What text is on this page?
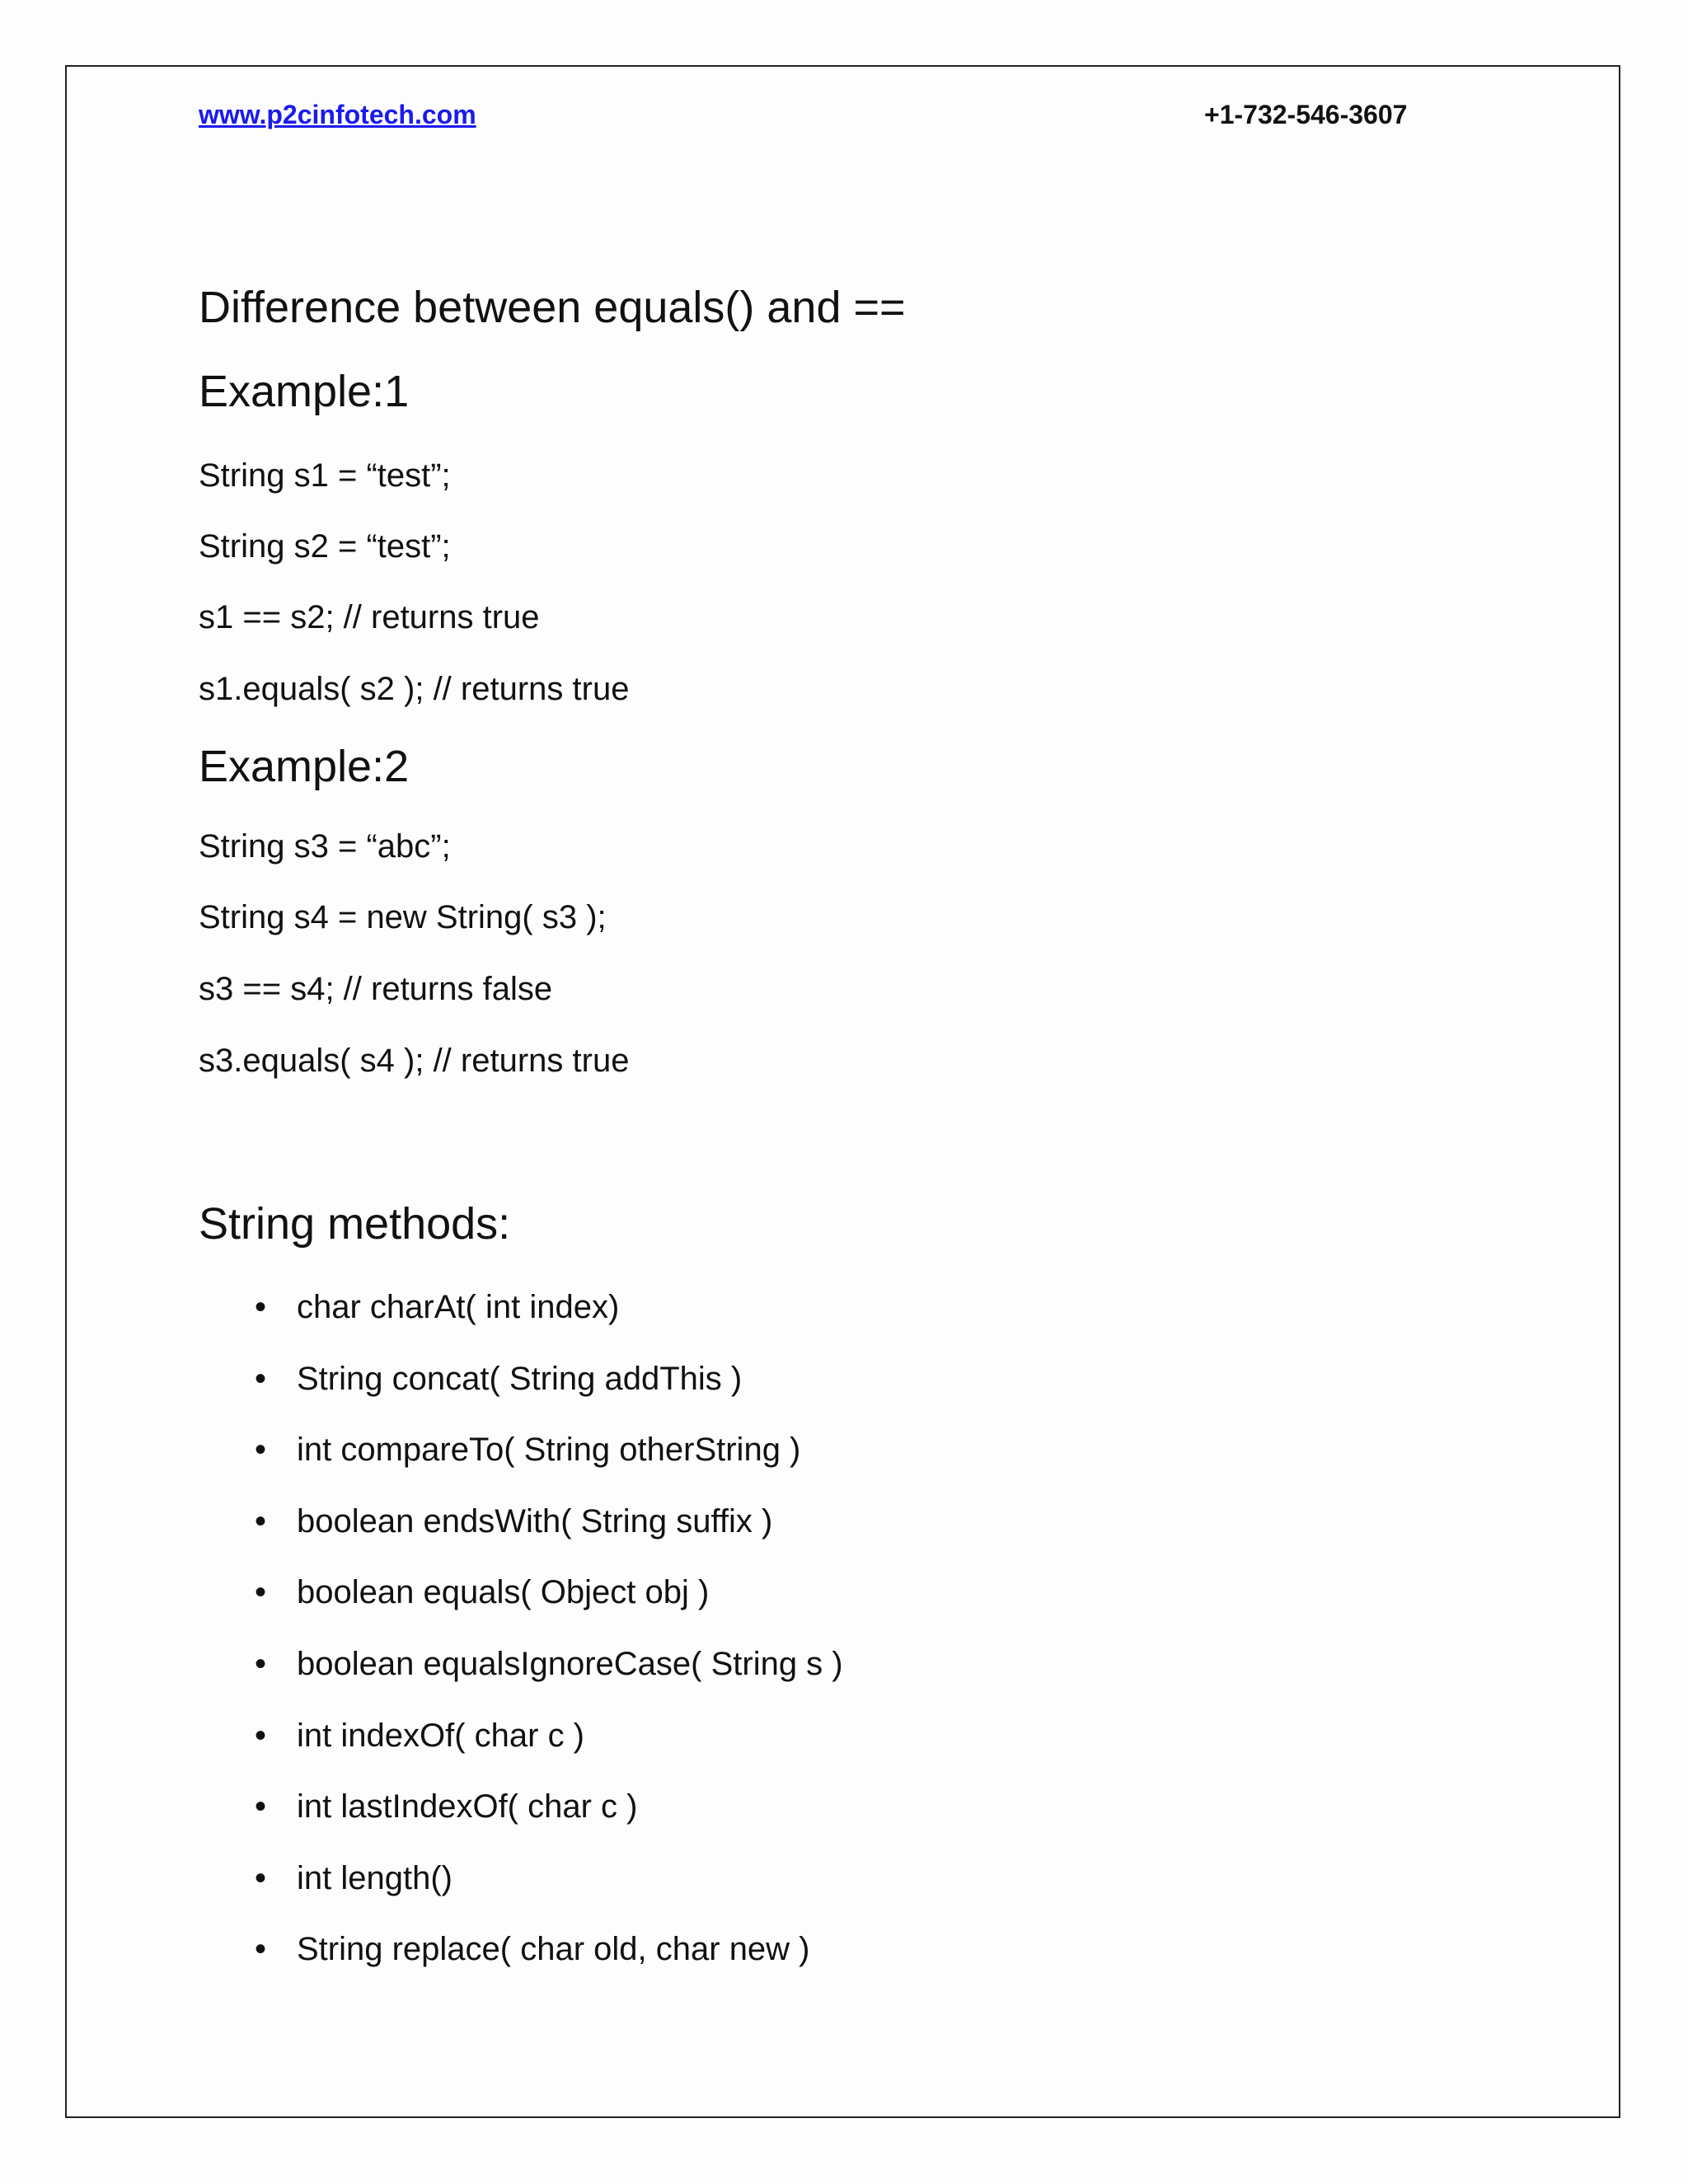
www.p2cinfotech.com	+1-732-546-3607
Difference between equals() and ==
Example:1
String s1 = “test”;
String s2 = “test”;
s1 == s2; // returns true
s1.equals( s2 ); // returns true
Example:2
String s3 = “abc”;
String s4 = new String( s3 );
s3 == s4; // returns false
s3.equals( s4 ); // returns true
String methods:
• char charAt( int index)
• String concat( String addThis )
• int compareTo( String otherString )
• boolean endsWith( String suffix )
• boolean equals( Object obj )
• boolean equalsIgnoreCase( String s )
• int indexOf( char c )
• int lastIndexOf( char c )
• int length()
• String replace( char old, char new )
